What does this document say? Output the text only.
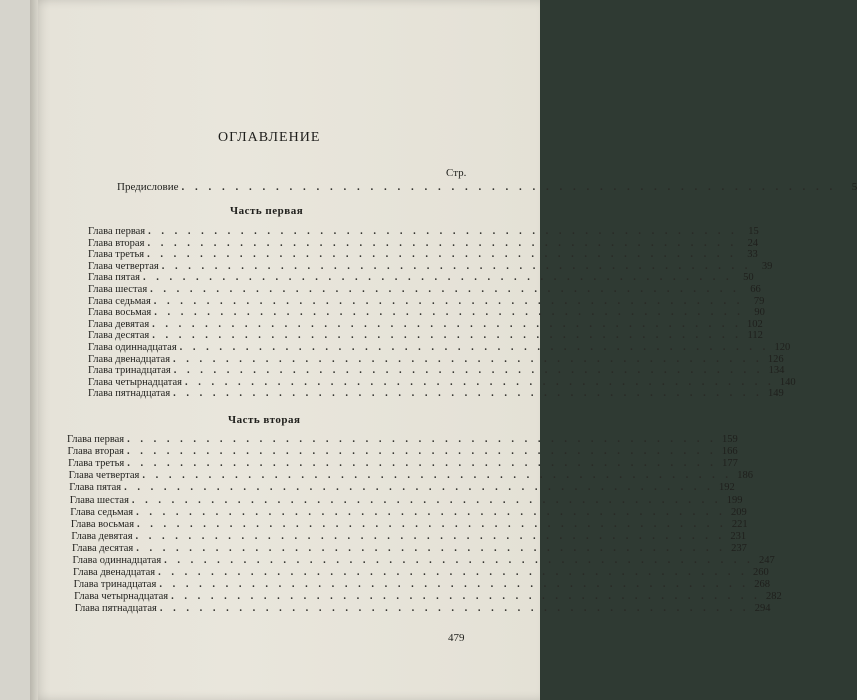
ОГЛАВЛЕНИЕ
Стр.
Предисловие . . . . . . . . . . . . . . . . . . . . . . . . . . . . . . . . . . . . . . . . . . . . . . . . .	5
Часть первая
Глава первая . . . . . . . . . . . . . . . . . . . . . . . . . . . . . . . . . . . . . . . . . . . . .	15
Глава вторая . . . . . . . . . . . . . . . . . . . . . . . . . . . . . . . . . . . . . . . . . . . . .	24
Глава третья . . . . . . . . . . . . . . . . . . . . . . . . . . . . . . . . . . . . . . . . . . . . .	33
Глава четвертая . . . . . . . . . . . . . . . . . . . . . . . . . . . . . . . . . . . . . . . . . . . . .	39
Глава пятая . . . . . . . . . . . . . . . . . . . . . . . . . . . . . . . . . . . . . . . . . . . . .	50
Глава шестая . . . . . . . . . . . . . . . . . . . . . . . . . . . . . . . . . . . . . . . . . . . . .	66
Глава седьмая . . . . . . . . . . . . . . . . . . . . . . . . . . . . . . . . . . . . . . . . . . . . .	79
Глава восьмая . . . . . . . . . . . . . . . . . . . . . . . . . . . . . . . . . . . . . . . . . . . . .	90
Глава девятая . . . . . . . . . . . . . . . . . . . . . . . . . . . . . . . . . . . . . . . . . . . . . 102
Глава десятая . . . . . . . . . . . . . . . . . . . . . . . . . . . . . . . . . . . . . . . . . . . . . 112
Глава одиннадцатая . . . . . . . . . . . . . . . . . . . . . . . . . . . . . . . . . . . . . . . . . . . . . 120
Глава двенадцатая . . . . . . . . . . . . . . . . . . . . . . . . . . . . . . . . . . . . . . . . . . . . . 126
Глава тринадцатая . . . . . . . . . . . . . . . . . . . . . . . . . . . . . . . . . . . . . . . . . . . . . 134
Глава четырнадцатая . . . . . . . . . . . . . . . . . . . . . . . . . . . . . . . . . . . . . . . . . . . . . 140
Глава пятнадцатая . . . . . . . . . . . . . . . . . . . . . . . . . . . . . . . . . . . . . . . . . . . . . 149
Часть вторая
Глава первая . . . . . . . . . . . . . . . . . . . . . . . . . . . . . . . . . . . . . . . . . . . . . 159
Глава вторая . . . . . . . . . . . . . . . . . . . . . . . . . . . . . . . . . . . . . . . . . . . . . 166
Глава третья . . . . . . . . . . . . . . . . . . . . . . . . . . . . . . . . . . . . . . . . . . . . . 177
Глава четвертая . . . . . . . . . . . . . . . . . . . . . . . . . . . . . . . . . . . . . . . . . . . . . 186
Глава пятая . . . . . . . . . . . . . . . . . . . . . . . . . . . . . . . . . . . . . . . . . . . . . 192
Глава шестая . . . . . . . . . . . . . . . . . . . . . . . . . . . . . . . . . . . . . . . . . . . . . 199
Глава седьмая . . . . . . . . . . . . . . . . . . . . . . . . . . . . . . . . . . . . . . . . . . . . . 209
Глава восьмая . . . . . . . . . . . . . . . . . . . . . . . . . . . . . . . . . . . . . . . . . . . . . 221
Глава девятая . . . . . . . . . . . . . . . . . . . . . . . . . . . . . . . . . . . . . . . . . . . . . 231
Глава десятая . . . . . . . . . . . . . . . . . . . . . . . . . . . . . . . . . . . . . . . . . . . . . 237
Глава одиннадцатая . . . . . . . . . . . . . . . . . . . . . . . . . . . . . . . . . . . . . . . . . . . . . 247
Глава двенадцатая . . . . . . . . . . . . . . . . . . . . . . . . . . . . . . . . . . . . . . . . . . . . . 260
Глава тринадцатая . . . . . . . . . . . . . . . . . . . . . . . . . . . . . . . . . . . . . . . . . . . . . 268
Глава четырнадцатая . . . . . . . . . . . . . . . . . . . . . . . . . . . . . . . . . . . . . . . . . . . . . 282
Глава пятнадцатая . . . . . . . . . . . . . . . . . . . . . . . . . . . . . . . . . . . . . . . . . . . . . 294
479
